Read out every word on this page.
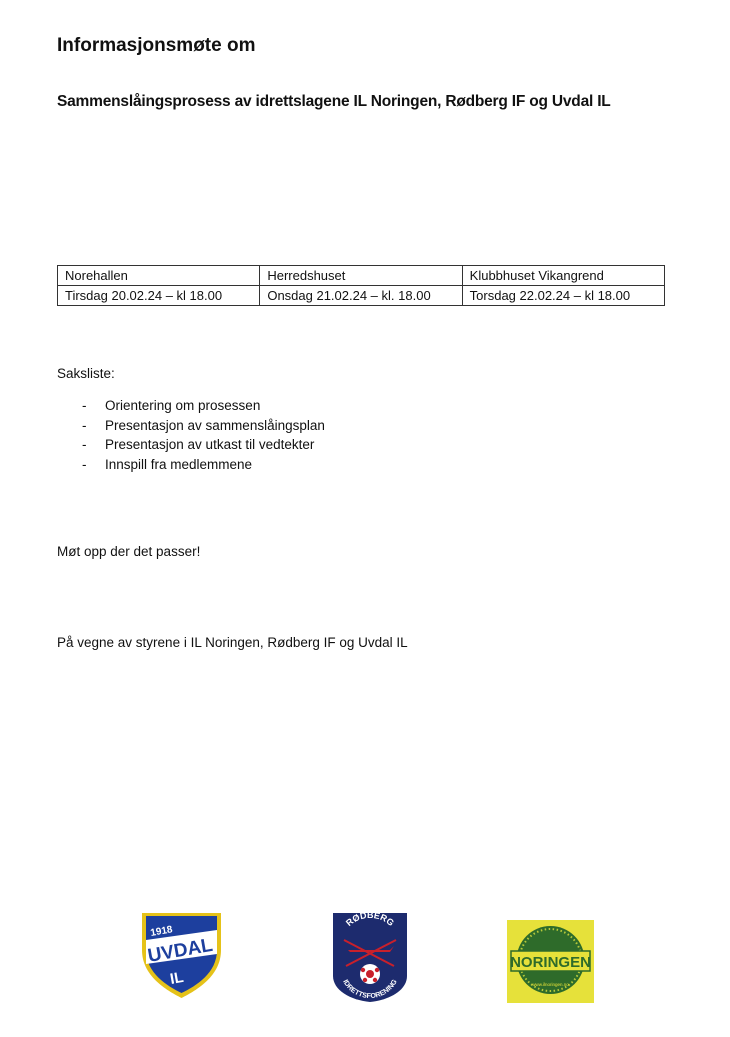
Informasjonsmøte om
Sammenslåingsprosess av idrettslagene IL Noringen, Rødberg IF og Uvdal IL
Norehallen	Herredshuset	Klubbhuset Vikangrend
Tirsdag 20.02.24 – kl 18.00	Onsdag 21.02.24 – kl. 18.00	Torsdag 22.02.24 – kl 18.00
Saksliste:
- Orientering om prosessen
- Presentasjon av sammenslåingsplan
- Presentasjon av utkast til vedtekter
- Innspill fra medlemmene
Møt opp der det passer!
På vegne av styrene i IL Noringen, Rødberg IF og Uvdal IL
1918
UVDAL
IL
RØDBERG
IDRETTSFORENING
NORINGEN
www.ilnoringen.no
